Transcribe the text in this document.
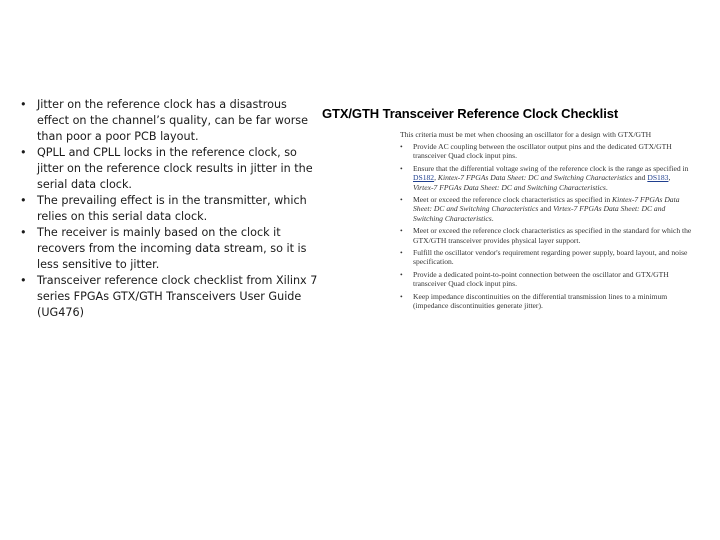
• Jitter on the reference clock has a disastrous effect on the channel’s quality, can be far worse than poor a poor PCB layout.
• QPLL and CPLL locks in the reference clock, so jitter on the reference clock results in jitter in the serial data clock.
• The prevailing effect is in the transmitter, which relies on this serial data clock.
• The receiver is mainly based on the clock it recovers from the incoming data stream, so it is less sensitive to jitter.
• Transceiver reference clock checklist from Xilinx 7 series FPGAs GTX/GTH Transceivers User Guide (UG476)
GTX/GTH Transceiver Reference Clock Checklist
This criteria must be met when choosing an oscillator for a design with GTX/GTH
• Provide AC coupling between the oscillator output pins and the dedicated GTX/GTH transceiver Quad clock input pins.
• Ensure that the differential voltage swing of the reference clock is the range as specified in DS182, Kintex-7 FPGAs Data Sheet: DC and Switching Characteristics and DS183, Virtex-7 FPGAs Data Sheet: DC and Switching Characteristics.
• Meet or exceed the reference clock characteristics as specified in Kintex-7 FPGAs Data Sheet: DC and Switching Characteristics and Virtex-7 FPGAs Data Sheet: DC and Switching Characteristics.
• Meet or exceed the reference clock characteristics as specified in the standard for which the GTX/GTH transceiver provides physical layer support.
• Fulfill the oscillator vendor's requirement regarding power supply, board layout, and noise specification.
• Provide a dedicated point-to-point connection between the oscillator and GTX/GTH transceiver Quad clock input pins.
• Keep impedance discontinuities on the differential transmission lines to a minimum (impedance discontinuities generate jitter).
